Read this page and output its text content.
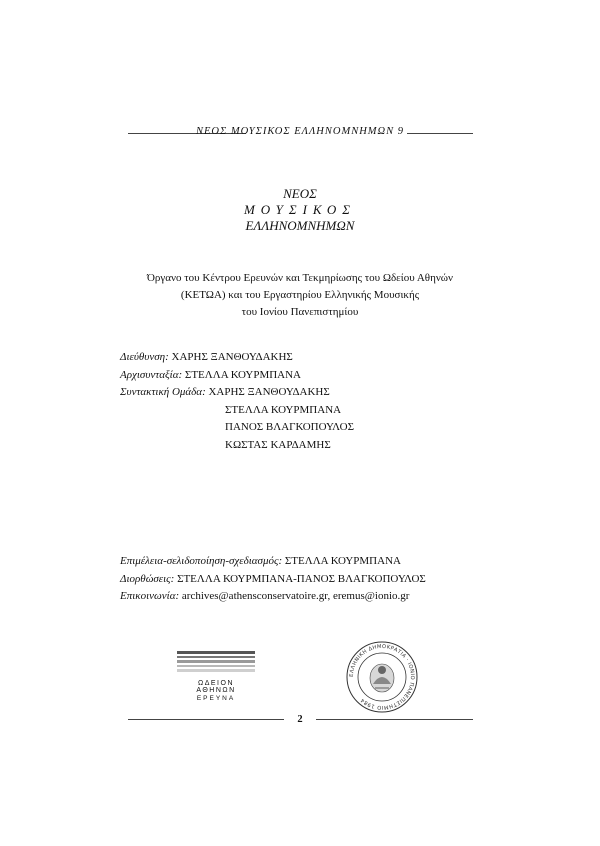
ΝΕΟΣ ΜΟΥΣΙΚΟΣ ΕΛΛΗΝΟΜΝΗΜΩΝ 9
ΝΕΟΣ
ΜΟΥΣΙΚΟΣ
ΕΛΛΗΝΟΜΝΗΜΩΝ
Όργανο του Κέντρου Ερευνών και Τεκμηρίωσης του Ωδείου Αθηνών
(ΚΕΤΩΑ) και του Εργαστηρίου Ελληνικής Μουσικής
του Ιονίου Πανεπιστημίου
Διεύθυνση: ΧΑΡΗΣ ΞΑΝΘΟΥΔΑΚΗΣ
Αρχισυνταξία: ΣΤΕΛΛΑ ΚΟΥΡΜΠΑΝΑ
Συντακτική Ομάδα: ΧΑΡΗΣ ΞΑΝΘΟΥΔΑΚΗΣ
ΣΤΕΛΛΑ ΚΟΥΡΜΠΑΝΑ
ΠΑΝΟΣ ΒΛΑΓΚΟΠΟΥΛΟΣ
ΚΩΣΤΑΣ ΚΑΡΔΑΜΗΣ
Επιμέλεια-σελιδοποίηση-σχεδιασμός: ΣΤΕΛΛΑ ΚΟΥΡΜΠΑΝΑ
Διορθώσεις: ΣΤΕΛΛΑ ΚΟΥΡΜΠΑΝΑ-ΠΑΝΟΣ ΒΛΑΓΚΟΠΟΥΛΟΣ
Επικοινωνία: archives@athensconservatoire.gr, eremus@ionio.gr
ΩΔΕΙΟΝ ΑΘΗΝΩΝ
ΕΡΕΥΝΑ
ΕΛΛΗΝΙΚΗ ΔΗΜΟΚΡΑΤΙΑ · ΙΟΝΙΟ ΠΑΝΕΠΙΣΤΗΜΙΟ 1984
2
